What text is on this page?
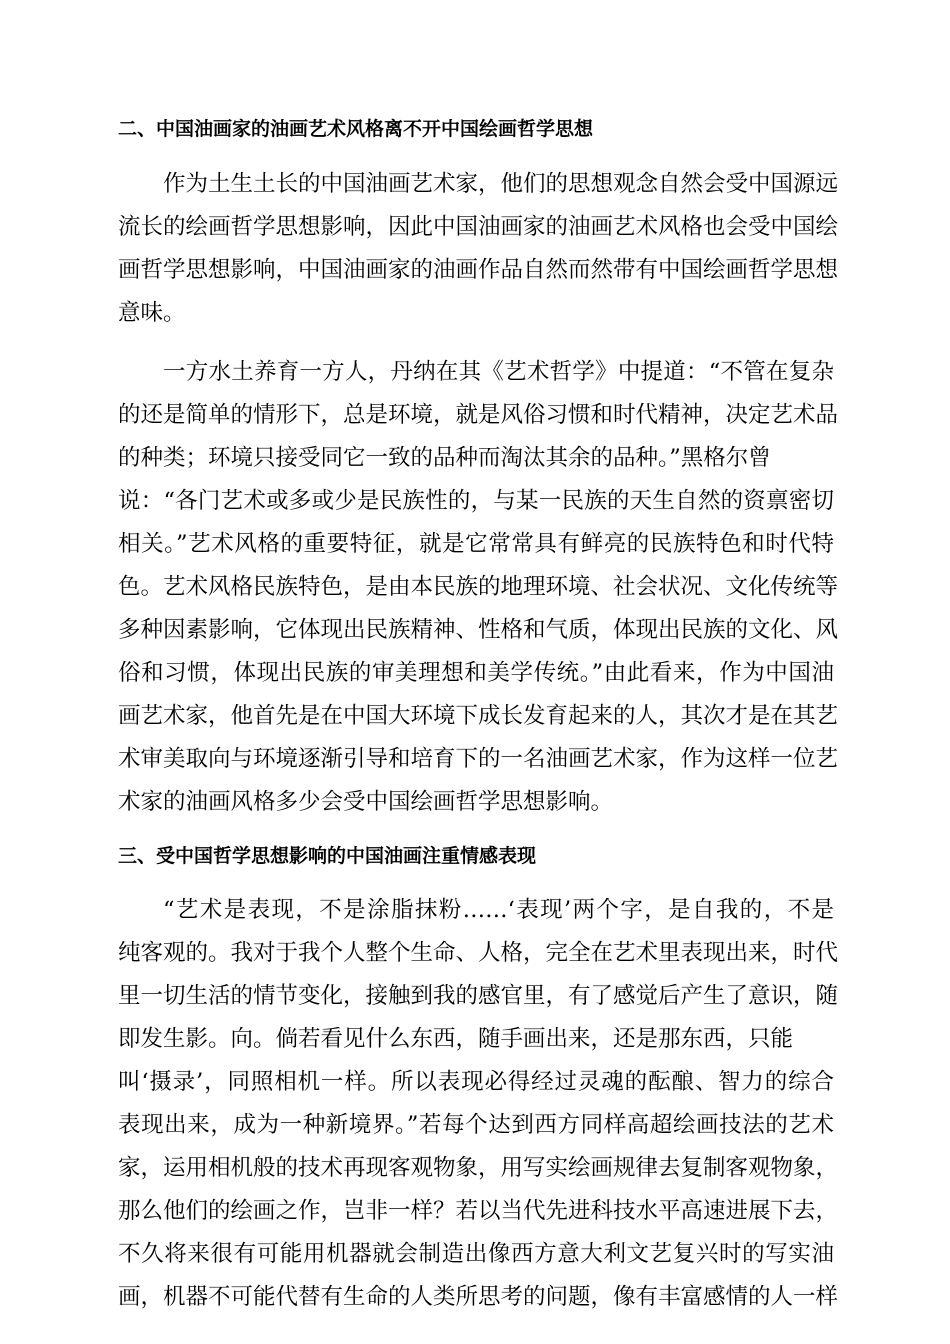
二、中国油画家的油画艺术风格离不开中国绘画哲学思想
作为土生土长的中国油画艺术家，他们的思想观念自然会受中国源远
流长的绘画哲学思想影响，因此中国油画家的油画艺术风格也会受中国绘
画哲学思想影响，中国油画家的油画作品自然而然带有中国绘画哲学思想
意味。
一方水土养育一方人，丹纳在其《艺术哲学》中提道：“不管在复杂
的还是简单的情形下，总是环境，就是风俗习惯和时代精神，决定艺术品
的种类；环境只接受同它一致的品种而淘汰其余的品种。”黑格尔曾
说：“各门艺术或多或少是民族性的，与某一民族的天生自然的资禀密切
相关。”艺术风格的重要特征，就是它常常具有鲜亮的民族特色和时代特
色。艺术风格民族特色，是由本民族的地理环境、社会状况、文化传统等
多种因素影响，它体现出民族精神、性格和气质，体现出民族的文化、风
俗和习惯，体现出民族的审美理想和美学传统。”由此看来，作为中国油
画艺术家，他首先是在中国大环境下成长发育起来的人，其次才是在其艺
术审美取向与环境逐渐引导和培育下的一名油画艺术家，作为这样一位艺
术家的油画风格多少会受中国绘画哲学思想影响。
三、受中国哲学思想影响的中国油画注重情感表现
“艺术是表现，不是涂脂抹粉……‘表现’两个字，是自我的，不是
纯客观的。我对于我个人整个生命、人格，完全在艺术里表现出来，时代
里一切生活的情节变化，接触到我的感官里，有了感觉后产生了意识，随
即发生影。向。倘若看见什么东西，随手画出来，还是那东西，只能
叫‘摄录’，同照相机一样。所以表现必得经过灵魂的酝酿、智力的综合
表现出来，成为一种新境界。”若每个达到西方同样高超绘画技法的艺术
家，运用相机般的技术再现客观物象，用写实绘画规律去复制客观物象，
那么他们的绘画之作，岂非一样？若以当代先进科技水平高速进展下去，
不久将来很有可能用机器就会制造出像西方意大利文艺复兴时的写实油
画，机器不可能代替有生命的人类所思考的问题，像有丰富感情的人一样
